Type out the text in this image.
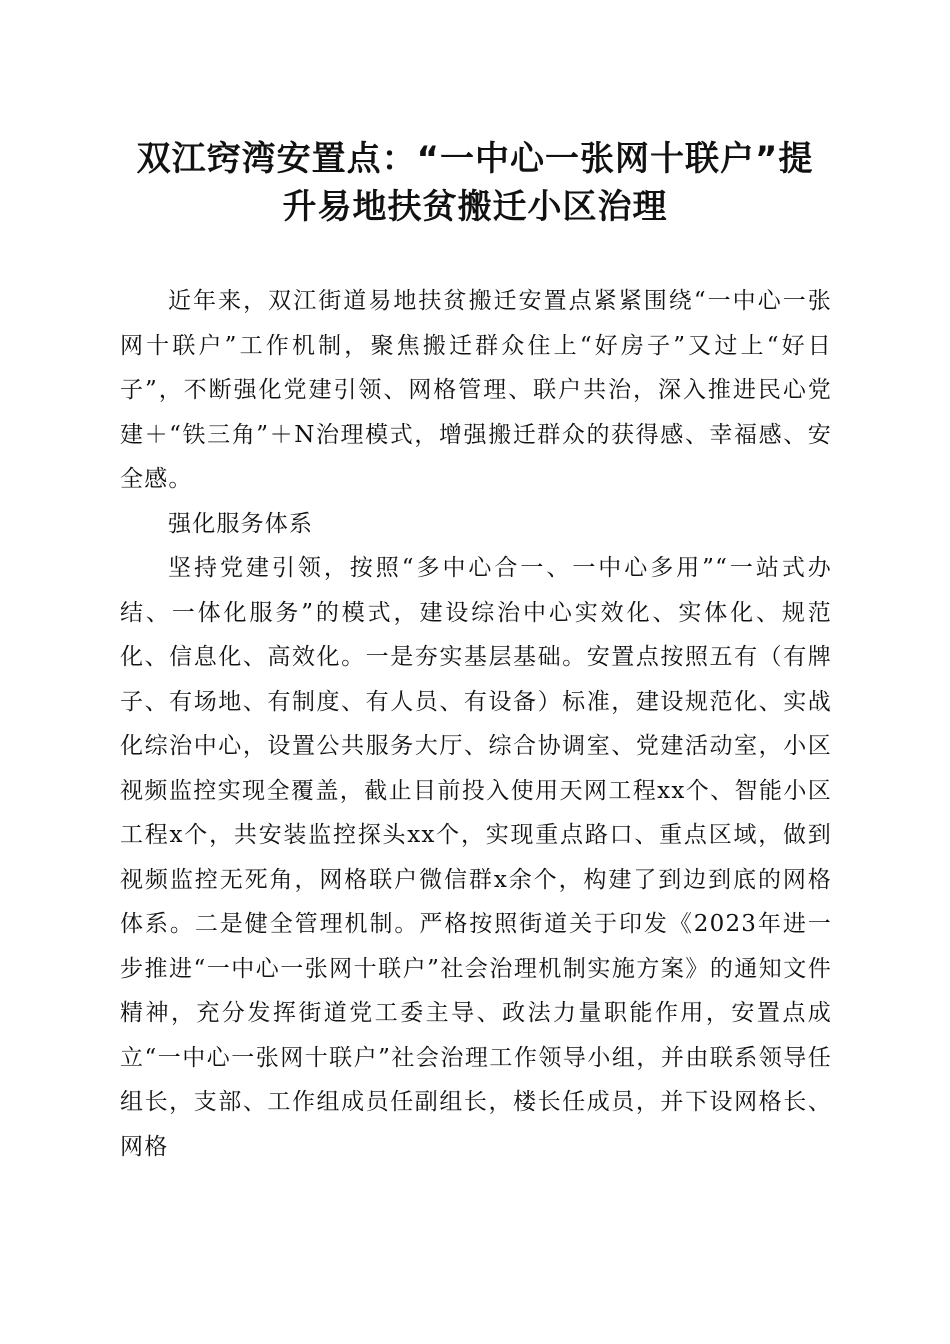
双江窍湾安置点：“一中心一张网十联户”提
升易地扶贫搬迁小区治理

近年来，双江街道易地扶贫搬迁安置点紧紧围绕“一中心一张网十联户”工作机制，聚焦搬迁群众住上“好房子”又过上“好日子”，不断强化党建引领、网格管理、联户共治，深入推进民心党建＋“铁三角”＋N治理模式，增强搬迁群众的获得感、幸福感、安全感。

强化服务体系

坚持党建引领，按照“多中心合一、一中心多用”“一站式办结、一体化服务”的模式，建设综治中心实效化、实体化、规范化、信息化、高效化。一是夯实基层基础。安置点按照五有（有牌子、有场地、有制度、有人员、有设备）标准，建设规范化、实战化综治中心，设置公共服务大厅、综合协调室、党建活动室，小区视频监控实现全覆盖，截止目前投入使用天网工程xx个、智能小区工程x个，共安装监控探头xx个，实现重点路口、重点区域，做到视频监控无死角，网格联户微信群x余个，构建了到边到底的网格体系。二是健全管理机制。严格按照街道关于印发《2023年进一步推进“一中心一张网十联户”社会治理机制实施方案》的通知文件精神，充分发挥街道党工委主导、政法力量职能作用，安置点成立“一中心一张网十联户”社会治理工作领导小组，并由联系领导任组长，支部、工作组成员任副组长，楼长任成员，并下设网格长、网格
